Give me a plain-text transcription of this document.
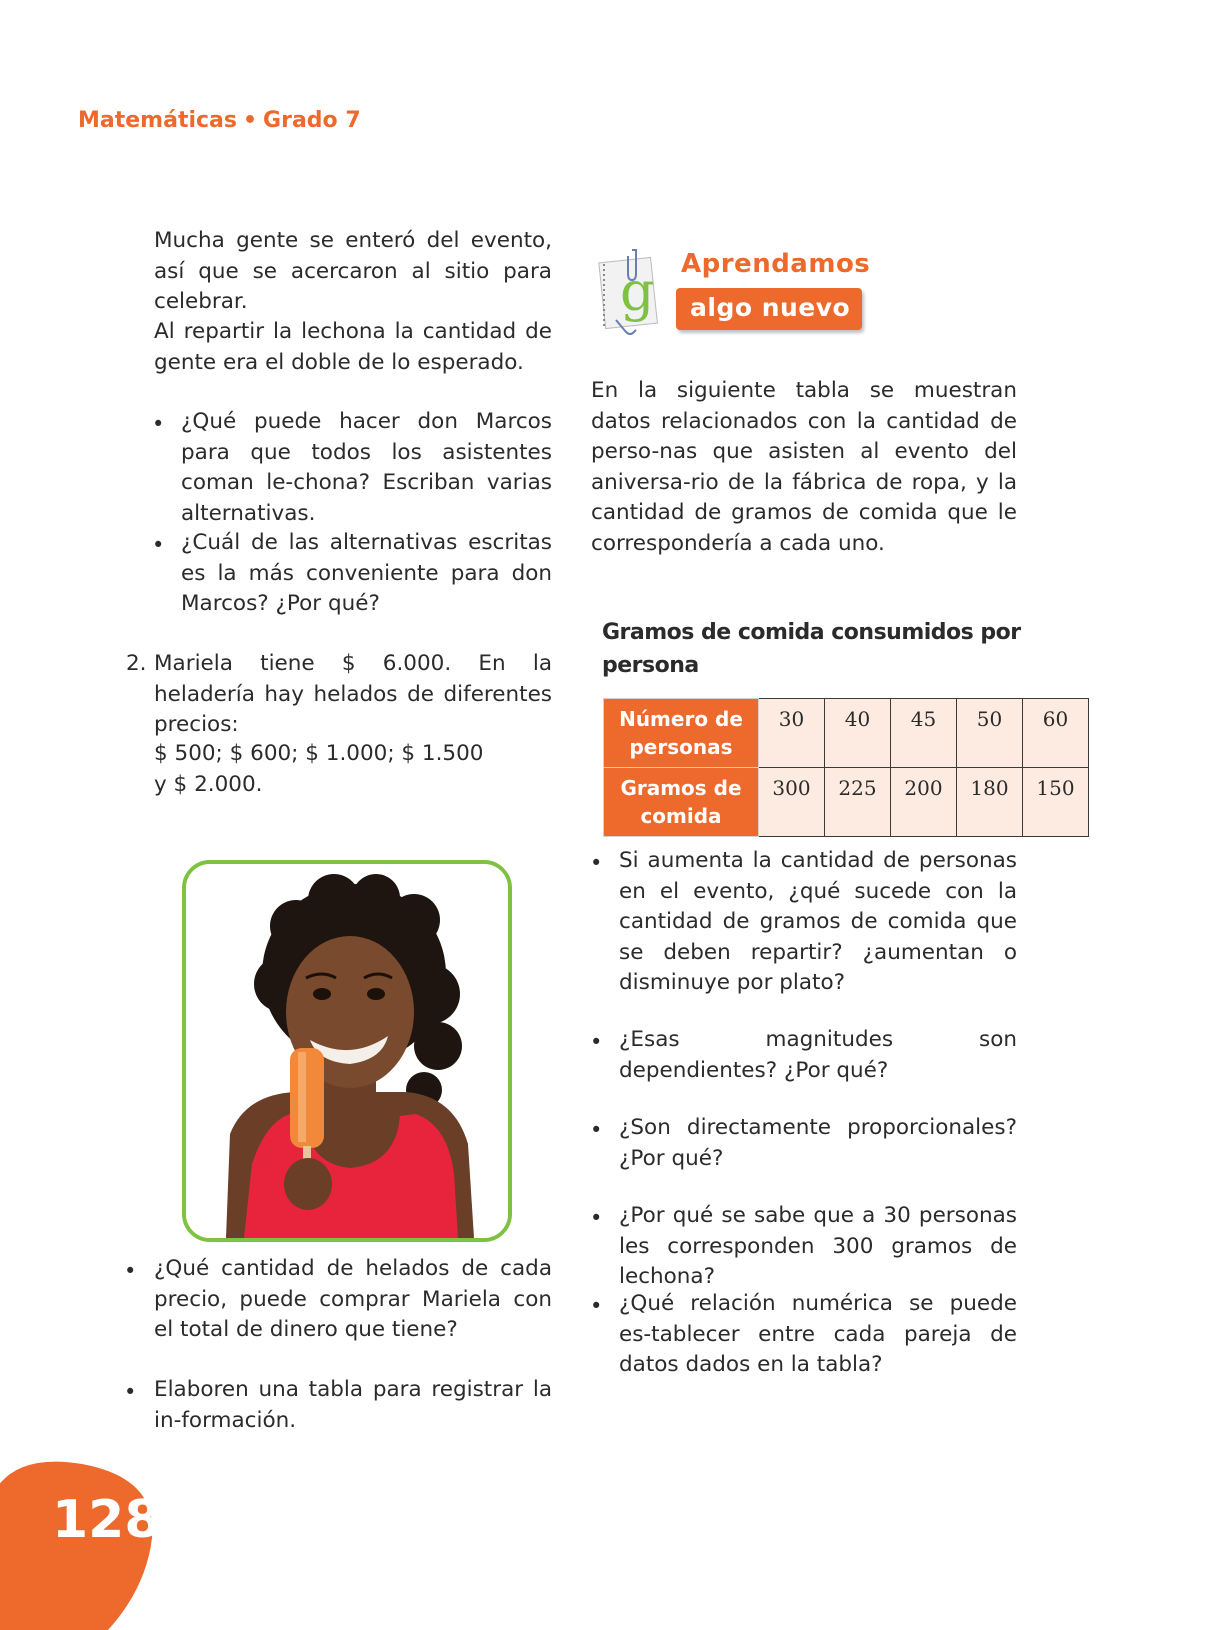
Matemáticas • Grado 7

Mucha gente se enteró del evento, así que se acercaron al sitio para celebrar.

Al repartir la lechona la cantidad de gente era el doble de lo esperado.

• ¿Qué puede hacer don Marcos para que todos los asistentes coman le-chona? Escriban varias alternativas.

• ¿Cuál de las alternativas escritas es la más conveniente para don Marcos? ¿Por qué?

2. Mariela tiene $ 6.000. En la heladería hay helados de diferentes precios:

$ 500; $ 600; $ 1.000; $ 1.500 y $ 2.000.

• ¿Qué cantidad de helados de cada precio, puede comprar Mariela con el total de dinero que tiene?

• Elaboren una tabla para registrar la in-formación.

g Aprendamos
algo nuevo

En la siguiente tabla se muestran datos relacionados con la cantidad de perso-nas que asisten al evento del aniversa-rio de la fábrica de ropa, y la cantidad de gramos de comida que le correspondería a cada uno.

Gramos de comida consumidos por persona

Número de personas	30	40	45	50	60
Gramos de comida	300	225	200	180	150
• Si aumenta la cantidad de personas en el evento, ¿qué sucede con la cantidad de gramos de comida que se deben repartir? ¿aumentan o disminuye por plato?

• ¿Esas magnitudes son dependientes? ¿Por qué?

• ¿Son directamente proporcionales? ¿Por qué?

• ¿Por qué se sabe que a 30 personas les corresponden 300 gramos de lechona?

• ¿Qué relación numérica se puede es-tablecer entre cada pareja de datos dados en la tabla?

128
